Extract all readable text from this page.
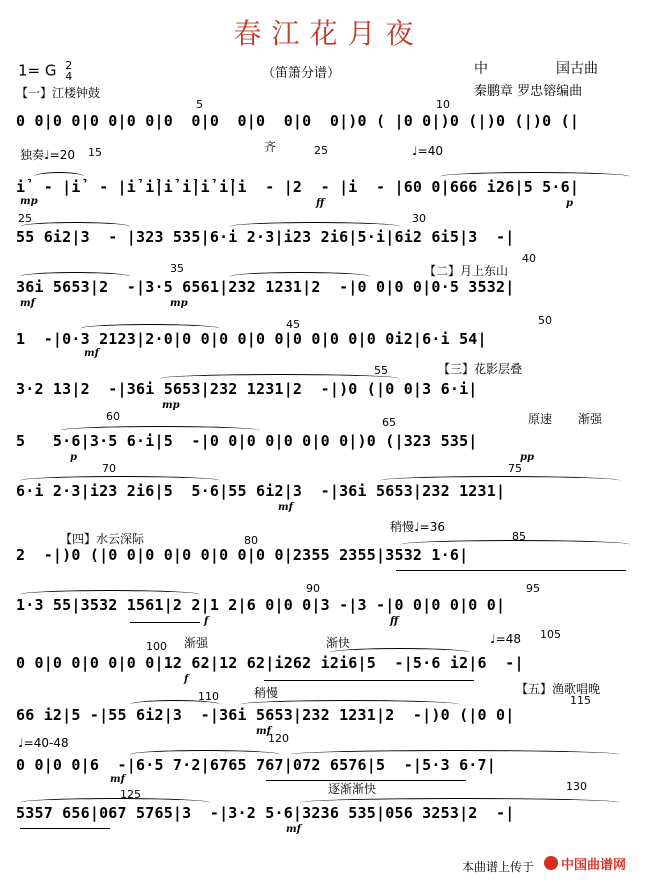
春江花月夜
1= G 2
4	（笛箫分谱）	中	国古曲
秦鹏章 罗忠镕编曲
【一】江楼钟鼓
【二】月上东山
【三】花影层叠
【四】水云深际
【五】渔歌唱晚
独奏♩=20
齐	♩=40
原速 渐强
稍慢♩=36
渐强	渐快	♩=48
稍慢
♩=40-48
逐渐渐快
5	10
15	25
25	30
35
40
45	50
55
60	65
70	75
80	85
90	95
100
105
110	115
120
125
130
0 0|0 0|0 0|0 0|0  0|0  0|0  0|0  0|)0 ( |0 0|)0 (|)0 (|)0 (|
ỉ  - |ỉ  - |ỉ ỉ|ỉ ỉ|ỉ ỉ|i  - |2  - |i  - |60 0|666 i26|5 5·6|
55 6i2|3  - |323 535|6·i 2·3|i23 2i6|5·i|6i2 6i5|3  -|
36i 5653|2  -|3·5 6561|232 1231|2  -|0 0|0 0|0·5 3532|
1  -|0·3 2123|2·0|0 0|0 0|0 0|0 0|0 0|0 0i2|6·i 54|
3·2 13|2  -|36i 5653|232 1231|2  -|)0 (|0 0|3 6·i|
5   5·6|3·5 6·i|5  -|0 0|0 0|0 0|0 0|)0 (|323 535|
6·i 2·3|i23 2i6|5  5·6|55 6i2|3  -|36i 5653|232 1231|
2  -|)0 (|0 0|0 0|0 0|0 0|0 0|2355 2355|3532 1·6|
1·3 55|3532 1561|2 2|1 2|6 0|0 0|3 -|3 -|0 0|0 0|0 0|
0 0|0 0|0 0|0 0|12 62|12 62|i262 i2i6|5  -|5·6 i2|6  -|
66 i2|5 -|55 6i2|3  -|36i 5653|232 1231|2  -|)0 (|0 0|
0 0|0 0|6  -|6·5 7·2|6765 767|072 6576|5  -|5·3 6·7|
5357 656|067 5765|3  -|3·2 5·6|3236 535|056 3253|2  -|
mp	ff	p
mf	mp
mf
mp
p	pp
mf
f	ff
f
mf
mf
mf
本曲谱上传于 中国曲谱网
